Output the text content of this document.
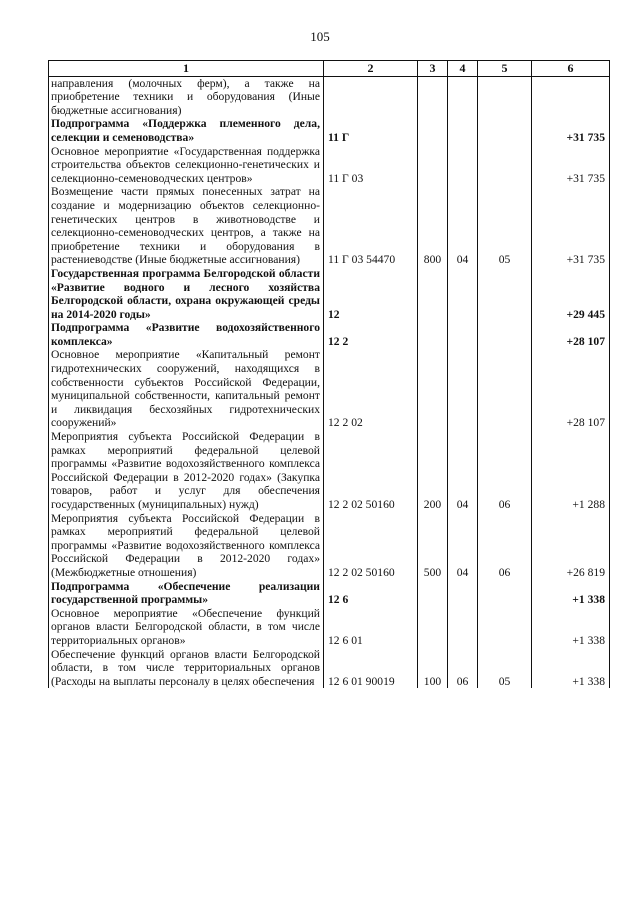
105
1	2	3	4	5	6
направления (молочных ферм), а также на приобретение техники и оборудования (Иные бюджетные ассигнования)					
Подпрограмма «Поддержка племенного дела, селекции и семеноводства»	11 Г				+31 735
Основное мероприятие «Государственная поддержка строительства объектов селекционно-генетических и селекционно-семеноводческих центров»	11 Г 03				+31 735
Возмещение части прямых понесенных затрат на создание и модернизацию объектов селекционно-генетических центров в животноводстве и селекционно-семеноводческих центров, а также на приобретение техники и оборудования в растениеводстве (Иные бюджетные ассигнования)	11 Г 03 54470	800	04	05	+31 735
Государственная программа Белгородской области «Развитие водного и лесного хозяйства Белгородской области, охрана окружающей среды на 2014-2020 годы»	12				+29 445
Подпрограмма «Развитие водохозяйственного комплекса»	12 2				+28 107
Основное мероприятие «Капитальный ремонт гидротехнических сооружений, находящихся в собственности субъектов Российской Федерации, муниципальной собственности, капитальный ремонт и ликвидация бесхозяйных гидротехнических сооружений»	12 2 02				+28 107
Мероприятия субъекта Российской Федерации в рамках мероприятий федеральной целевой программы «Развитие водохозяйственного комплекса Российской Федерации в 2012-2020 годах» (Закупка товаров, работ и услуг для обеспечения государственных (муниципальных) нужд)	12 2 02 50160	200	04	06	+1 288
Мероприятия субъекта Российской Федерации в рамках мероприятий федеральной целевой программы «Развитие водохозяйственного комплекса Российской Федерации в 2012-2020 годах» (Межбюджетные отношения)	12 2 02 50160	500	04	06	+26 819
Подпрограмма «Обеспечение реализации государственной программы»	12 6				+1 338
Основное мероприятие «Обеспечение функций органов власти Белгородской области, в том числе территориальных органов»	12 6 01				+1 338
Обеспечение функций органов власти Белгородской области, в том числе территориальных органов (Расходы на выплаты персоналу в целях обеспечения	12 6 01 90019	100	06	05	+1 338
